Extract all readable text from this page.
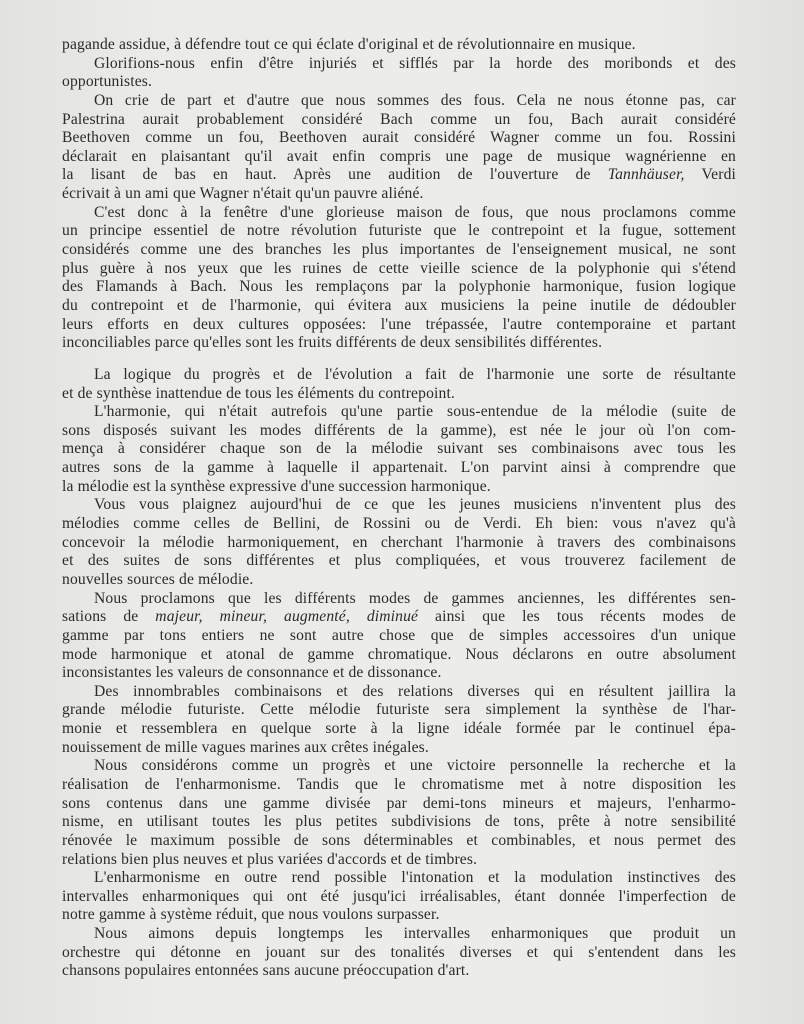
pagande assidue, à défendre tout ce qui éclate d'original et de révolutionnaire en musique.
Glorifions-nous enfin d'être injuriés et sifflés par la horde des moribonds et des
opportunistes.
On crie de part et d'autre que nous sommes des fous. Cela ne nous étonne pas, car
Palestrina aurait probablement considéré Bach comme un fou, Bach aurait considéré
Beethoven comme un fou, Beethoven aurait considéré Wagner comme un fou. Rossini
déclarait en plaisantant qu'il avait enfin compris une page de musique wagnérienne en
la lisant de bas en haut. Après une audition de l'ouverture de Tannhäuser, Verdi
écrivait à un ami que Wagner n'était qu'un pauvre aliéné.
C'est donc à la fenêtre d'une glorieuse maison de fous, que nous proclamons comme
un principe essentiel de notre révolution futuriste que le contrepoint et la fugue, sottement
considérés comme une des branches les plus importantes de l'enseignement musical, ne sont
plus guère à nos yeux que les ruines de cette vieille science de la polyphonie qui s'étend
des Flamands à Bach. Nous les remplaçons par la polyphonie harmonique, fusion logique
du contrepoint et de l'harmonie, qui évitera aux musiciens la peine inutile de dédoubler
leurs efforts en deux cultures opposées: l'une trépassée, l'autre contemporaine et partant
inconciliables parce qu'elles sont les fruits différents de deux sensibilités différentes.
La logique du progrès et de l'évolution a fait de l'harmonie une sorte de résultante
et de synthèse inattendue de tous les éléments du contrepoint.
L'harmonie, qui n'était autrefois qu'une partie sous-entendue de la mélodie (suite de
sons disposés suivant les modes différents de la gamme), est née le jour où l'on com-
mença à considérer chaque son de la mélodie suivant ses combinaisons avec tous les
autres sons de la gamme à laquelle il appartenait. L'on parvint ainsi à comprendre que
la mélodie est la synthèse expressive d'une succession harmonique.
Vous vous plaignez aujourd'hui de ce que les jeunes musiciens n'inventent plus des
mélodies comme celles de Bellini, de Rossini ou de Verdi. Eh bien: vous n'avez qu'à
concevoir la mélodie harmoniquement, en cherchant l'harmonie à travers des combinaisons
et des suites de sons différentes et plus compliquées, et vous trouverez facilement de
nouvelles sources de mélodie.
Nous proclamons que les différents modes de gammes anciennes, les différentes sen-
sations de majeur, mineur, augmenté, diminué ainsi que les tous récents modes de
gamme par tons entiers ne sont autre chose que de simples accessoires d'un unique
mode harmonique et atonal de gamme chromatique. Nous déclarons en outre absolument
inconsistantes les valeurs de consonnance et de dissonance.
Des innombrables combinaisons et des relations diverses qui en résultent jaillira la
grande mélodie futuriste. Cette mélodie futuriste sera simplement la synthèse de l'har-
monie et ressemblera en quelque sorte à la ligne idéale formée par le continuel épa-
nouissement de mille vagues marines aux crêtes inégales.
Nous considérons comme un progrès et une victoire personnelle la recherche et la
réalisation de l'enharmonisme. Tandis que le chromatisme met à notre disposition les
sons contenus dans une gamme divisée par demi-tons mineurs et majeurs, l'enharmo-
nisme, en utilisant toutes les plus petites subdivisions de tons, prête à notre sensibilité
rénovée le maximum possible de sons déterminables et combinables, et nous permet des
relations bien plus neuves et plus variées d'accords et de timbres.
L'enharmonisme en outre rend possible l'intonation et la modulation instinctives des
intervalles enharmoniques qui ont été jusqu'ici irréalisables, étant donnée l'imperfection de
notre gamme à système réduit, que nous voulons surpasser.
Nous aimons depuis longtemps les intervalles enharmoniques que produit un
orchestre qui détonne en jouant sur des tonalités diverses et qui s'entendent dans les
chansons populaires entonnées sans aucune préoccupation d'art.
